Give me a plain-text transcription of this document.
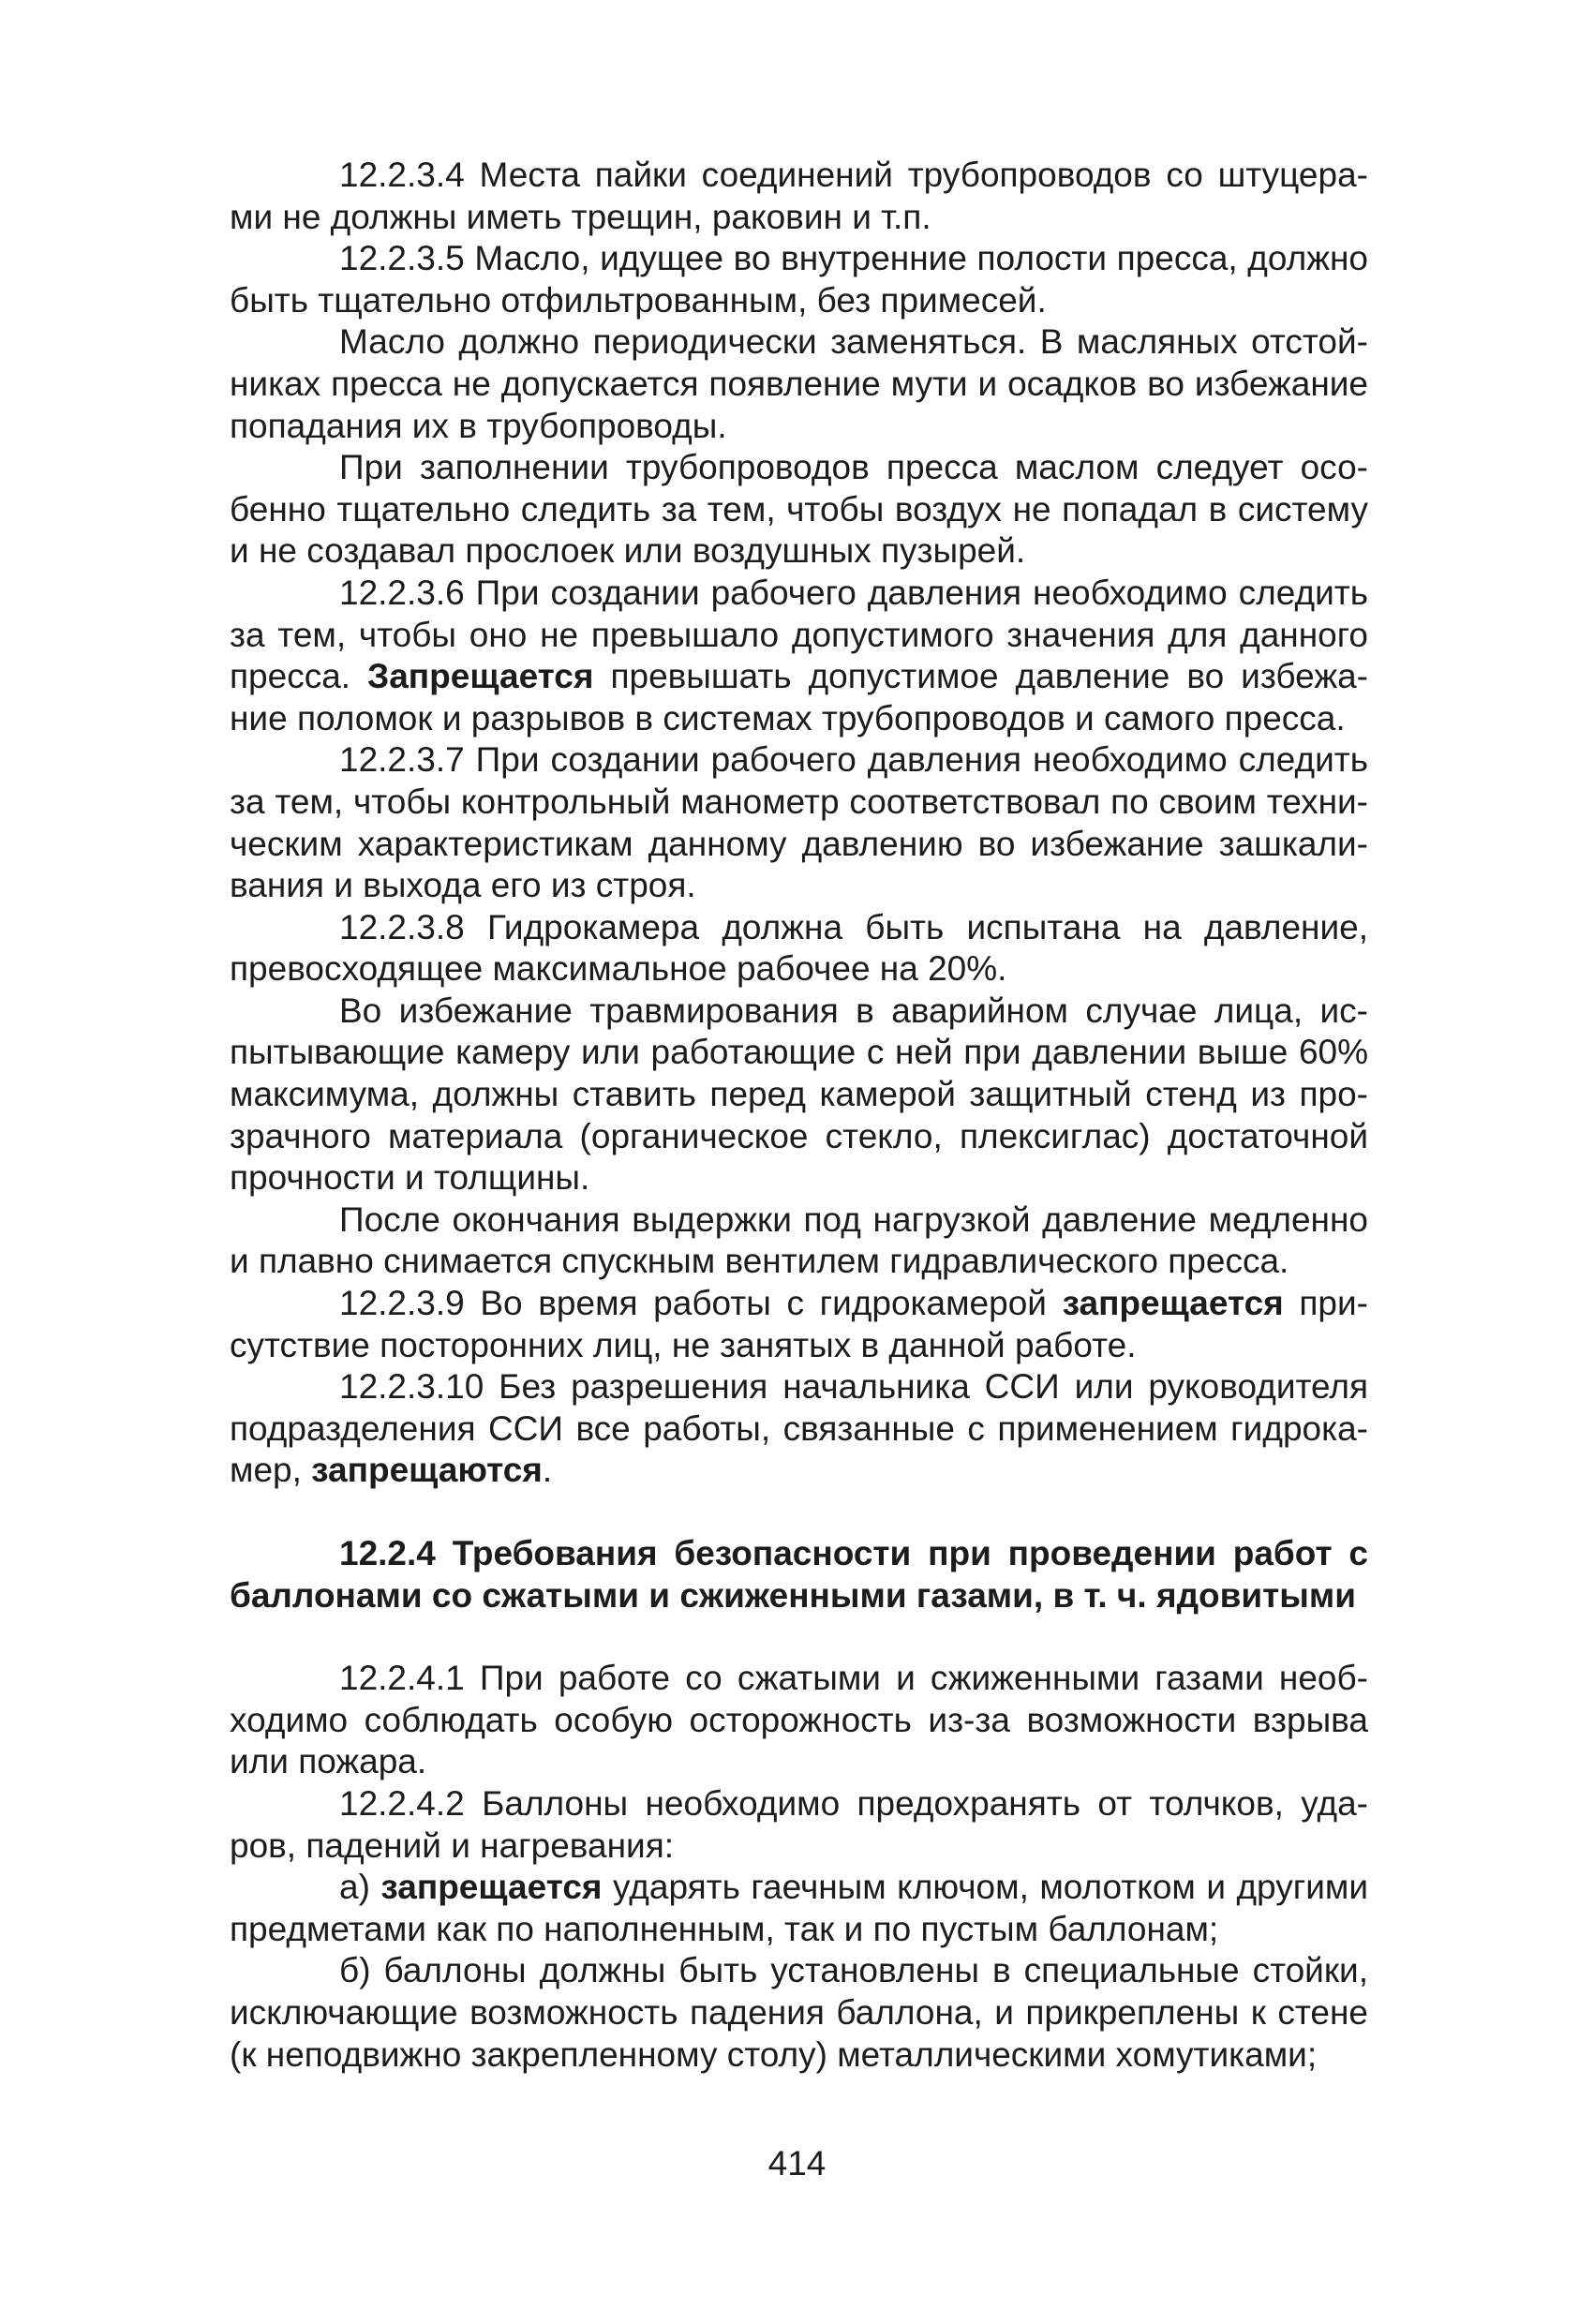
12.2.3.4 Места пайки соединений трубопроводов со штуцерами не должны иметь трещин, раковин и т.п.

12.2.3.5 Масло, идущее во внутренние полости пресса, должно быть тщательно отфильтрованным, без примесей.

Масло должно периодически заменяться. В масляных отстойниках пресса не допускается появление мути и осадков во избежание попадания их в трубопроводы.

При заполнении трубопроводов пресса маслом следует особенно тщательно следить за тем, чтобы воздух не попадал в систему и не создавал прослоек или воздушных пузырей.

12.2.3.6 При создании рабочего давления необходимо следить за тем, чтобы оно не превышало допустимого значения для данного пресса. Запрещается превышать допустимое давление во избежание поломок и разрывов в системах трубопроводов и самого пресса.

12.2.3.7 При создании рабочего давления необходимо следить за тем, чтобы контрольный манометр соответствовал по своим техническим характеристикам данному давлению во избежание зашкаливания и выхода его из строя.

12.2.3.8 Гидрокамера должна быть испытана на давление, превосходящее максимальное рабочее на 20%.

Во избежание травмирования в аварийном случае лица, испытывающие камеру или работающие с ней при давлении выше 60% максимума, должны ставить перед камерой защитный стенд из прозрачного материала (органическое стекло, плексиглас) достаточной прочности и толщины.

После окончания выдержки под нагрузкой давление медленно и плавно снимается спускным вентилем гидравлического пресса.

12.2.3.9 Во время работы с гидрокамерой запрещается присутствие посторонних лиц, не занятых в данной работе.

12.2.3.10 Без разрешения начальника ССИ или руководителя подразделения ССИ все работы, связанные с применением гидрокамер, запрещаются.

12.2.4 Требования безопасности при проведении работ с баллонами со сжатыми и сжиженными газами, в т. ч. ядовитыми

12.2.4.1 При работе со сжатыми и сжиженными газами необходимо соблюдать особую осторожность из-за возможности взрыва или пожара.

12.2.4.2 Баллоны необходимо предохранять от толчков, ударов, падений и нагревания:

а) запрещается ударять гаечным ключом, молотком и другими предметами как по наполненным, так и по пустым баллонам;

б) баллоны должны быть установлены в специальные стойки, исключающие возможность падения баллона, и прикреплены к стене (к неподвижно закрепленному столу) металлическими хомутиками;

414
